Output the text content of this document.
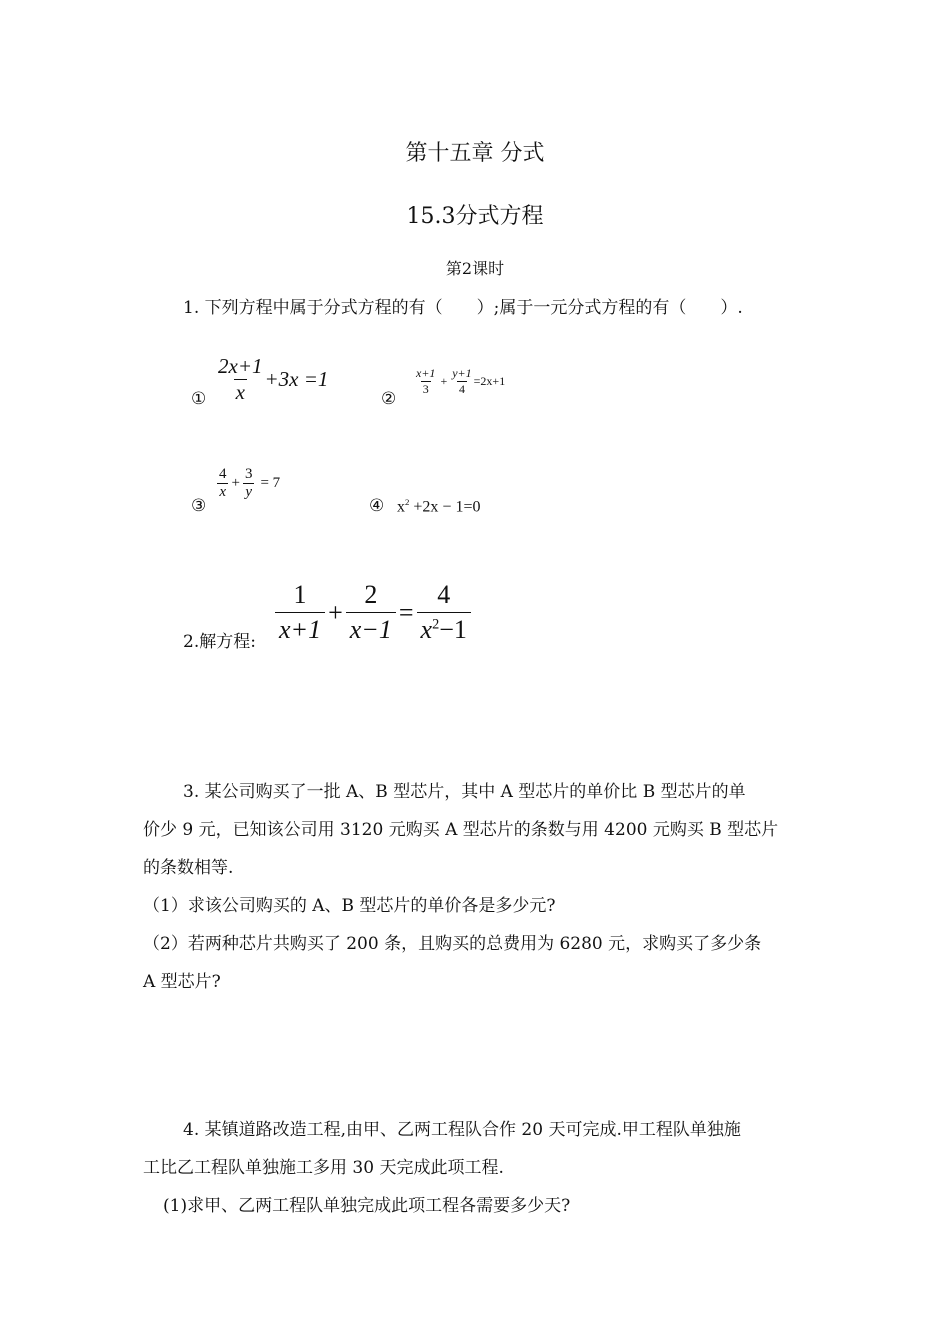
第十五章 分式
15.3分式方程
第2课时
1. 下列方程中属于分式方程的有（　　）;属于一元分式方程的有（　　）.
① $\frac{2x+1}{x} +3x =1$
②
$\frac{x+1}{3} + \frac{y+1}{4} =2x+1$
③
$\frac{4}{x} + \frac{3}{y} = 7$
④ $x^2 +2x - 1=0$
2.解方程: $\frac{1}{x+1} + \frac{2}{x-1} = \frac{4}{x^2-1}$
3. 某公司购买了一批 A、B 型芯片，其中 A 型芯片的单价比 B 型芯片的单
价少 9 元，已知该公司用 3120 元购买 A 型芯片的条数与用 4200 元购买 B 型芯片
的条数相等.
（1）求该公司购买的 A、B 型芯片的单价各是多少元?
（2）若两种芯片共购买了 200 条，且购买的总费用为 6280 元，求购买了多少条
A 型芯片?
4. 某镇道路改造工程,由甲、乙两工程队合作 20 天可完成.甲工程队单独施
工比乙工程队单独施工多用 30 天完成此项工程.
(1)求甲、乙两工程队单独完成此项工程各需要多少天?
